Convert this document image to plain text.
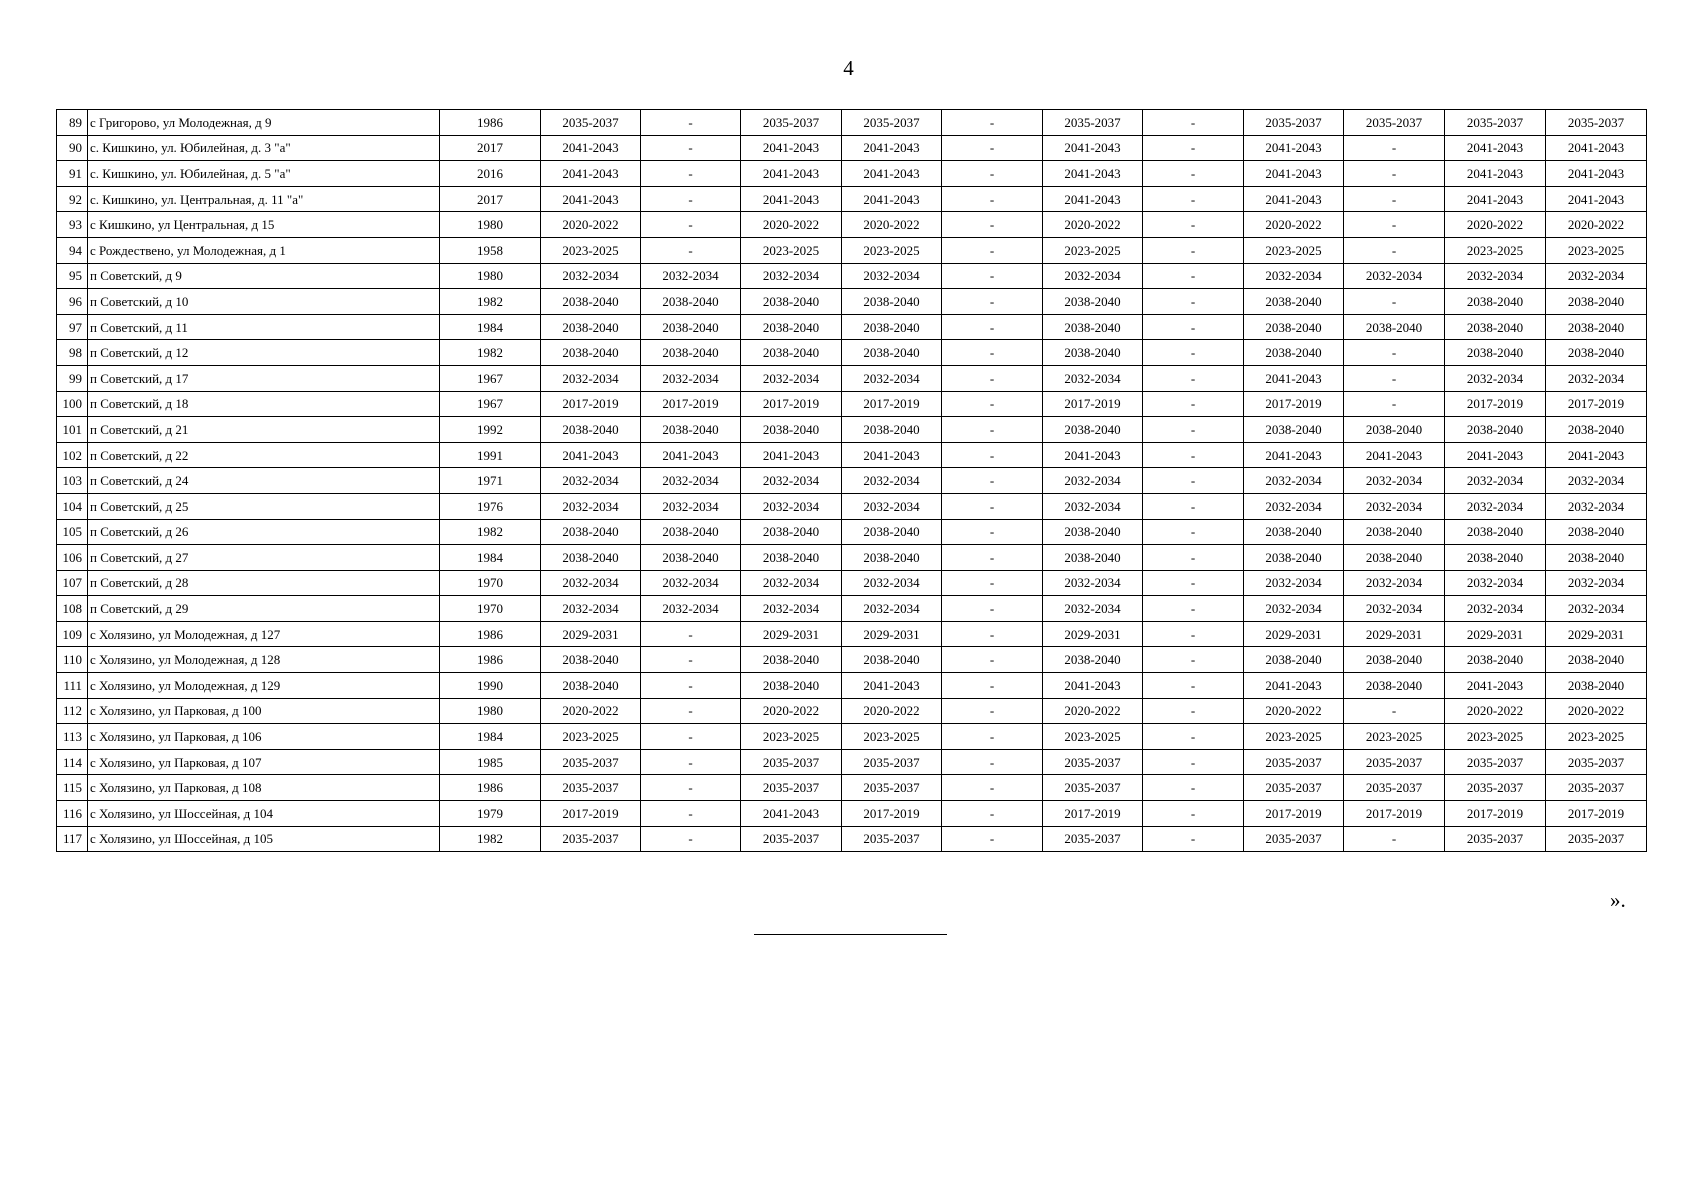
4
89	с Григорово, ул Молодежная, д 9	1986	2035-2037	-	2035-2037	2035-2037	-	2035-2037	-	2035-2037	2035-2037	2035-2037	2035-2037
90	с. Кишкино, ул. Юбилейная, д. 3 "а"	2017	2041-2043	-	2041-2043	2041-2043	-	2041-2043	-	2041-2043	-	2041-2043	2041-2043
91	с. Кишкино, ул. Юбилейная, д. 5 "а"	2016	2041-2043	-	2041-2043	2041-2043	-	2041-2043	-	2041-2043	-	2041-2043	2041-2043
92	с. Кишкино, ул. Центральная, д. 11 "а"	2017	2041-2043	-	2041-2043	2041-2043	-	2041-2043	-	2041-2043	-	2041-2043	2041-2043
93	с Кишкино, ул Центральная, д 15	1980	2020-2022	-	2020-2022	2020-2022	-	2020-2022	-	2020-2022	-	2020-2022	2020-2022
94	с Рождествено, ул Молодежная, д 1	1958	2023-2025	-	2023-2025	2023-2025	-	2023-2025	-	2023-2025	-	2023-2025	2023-2025
95	п Советский, д 9	1980	2032-2034	2032-2034	2032-2034	2032-2034	-	2032-2034	-	2032-2034	2032-2034	2032-2034	2032-2034
96	п Советский, д 10	1982	2038-2040	2038-2040	2038-2040	2038-2040	-	2038-2040	-	2038-2040	-	2038-2040	2038-2040
97	п Советский, д 11	1984	2038-2040	2038-2040	2038-2040	2038-2040	-	2038-2040	-	2038-2040	2038-2040	2038-2040	2038-2040
98	п Советский, д 12	1982	2038-2040	2038-2040	2038-2040	2038-2040	-	2038-2040	-	2038-2040	-	2038-2040	2038-2040
99	п Советский, д 17	1967	2032-2034	2032-2034	2032-2034	2032-2034	-	2032-2034	-	2041-2043	-	2032-2034	2032-2034
100	п Советский, д 18	1967	2017-2019	2017-2019	2017-2019	2017-2019	-	2017-2019	-	2017-2019	-	2017-2019	2017-2019
101	п Советский, д 21	1992	2038-2040	2038-2040	2038-2040	2038-2040	-	2038-2040	-	2038-2040	2038-2040	2038-2040	2038-2040
102	п Советский, д 22	1991	2041-2043	2041-2043	2041-2043	2041-2043	-	2041-2043	-	2041-2043	2041-2043	2041-2043	2041-2043
103	п Советский, д 24	1971	2032-2034	2032-2034	2032-2034	2032-2034	-	2032-2034	-	2032-2034	2032-2034	2032-2034	2032-2034
104	п Советский, д 25	1976	2032-2034	2032-2034	2032-2034	2032-2034	-	2032-2034	-	2032-2034	2032-2034	2032-2034	2032-2034
105	п Советский, д 26	1982	2038-2040	2038-2040	2038-2040	2038-2040	-	2038-2040	-	2038-2040	2038-2040	2038-2040	2038-2040
106	п Советский, д 27	1984	2038-2040	2038-2040	2038-2040	2038-2040	-	2038-2040	-	2038-2040	2038-2040	2038-2040	2038-2040
107	п Советский, д 28	1970	2032-2034	2032-2034	2032-2034	2032-2034	-	2032-2034	-	2032-2034	2032-2034	2032-2034	2032-2034
108	п Советский, д 29	1970	2032-2034	2032-2034	2032-2034	2032-2034	-	2032-2034	-	2032-2034	2032-2034	2032-2034	2032-2034
109	с Холязино, ул Молодежная, д 127	1986	2029-2031	-	2029-2031	2029-2031	-	2029-2031	-	2029-2031	2029-2031	2029-2031	2029-2031
110	с Холязино, ул Молодежная, д 128	1986	2038-2040	-	2038-2040	2038-2040	-	2038-2040	-	2038-2040	2038-2040	2038-2040	2038-2040
111	с Холязино, ул Молодежная, д 129	1990	2038-2040	-	2038-2040	2041-2043	-	2041-2043	-	2041-2043	2038-2040	2041-2043	2038-2040
112	с Холязино, ул Парковая, д 100	1980	2020-2022	-	2020-2022	2020-2022	-	2020-2022	-	2020-2022	-	2020-2022	2020-2022
113	с Холязино, ул Парковая, д 106	1984	2023-2025	-	2023-2025	2023-2025	-	2023-2025	-	2023-2025	2023-2025	2023-2025	2023-2025
114	с Холязино, ул Парковая, д 107	1985	2035-2037	-	2035-2037	2035-2037	-	2035-2037	-	2035-2037	2035-2037	2035-2037	2035-2037
115	с Холязино, ул Парковая, д 108	1986	2035-2037	-	2035-2037	2035-2037	-	2035-2037	-	2035-2037	2035-2037	2035-2037	2035-2037
116	с Холязино, ул Шоссейная, д 104	1979	2017-2019	-	2041-2043	2017-2019	-	2017-2019	-	2017-2019	2017-2019	2017-2019	2017-2019
117	с Холязино, ул Шоссейная, д 105	1982	2035-2037	-	2035-2037	2035-2037	-	2035-2037	-	2035-2037	-	2035-2037	2035-2037
».
